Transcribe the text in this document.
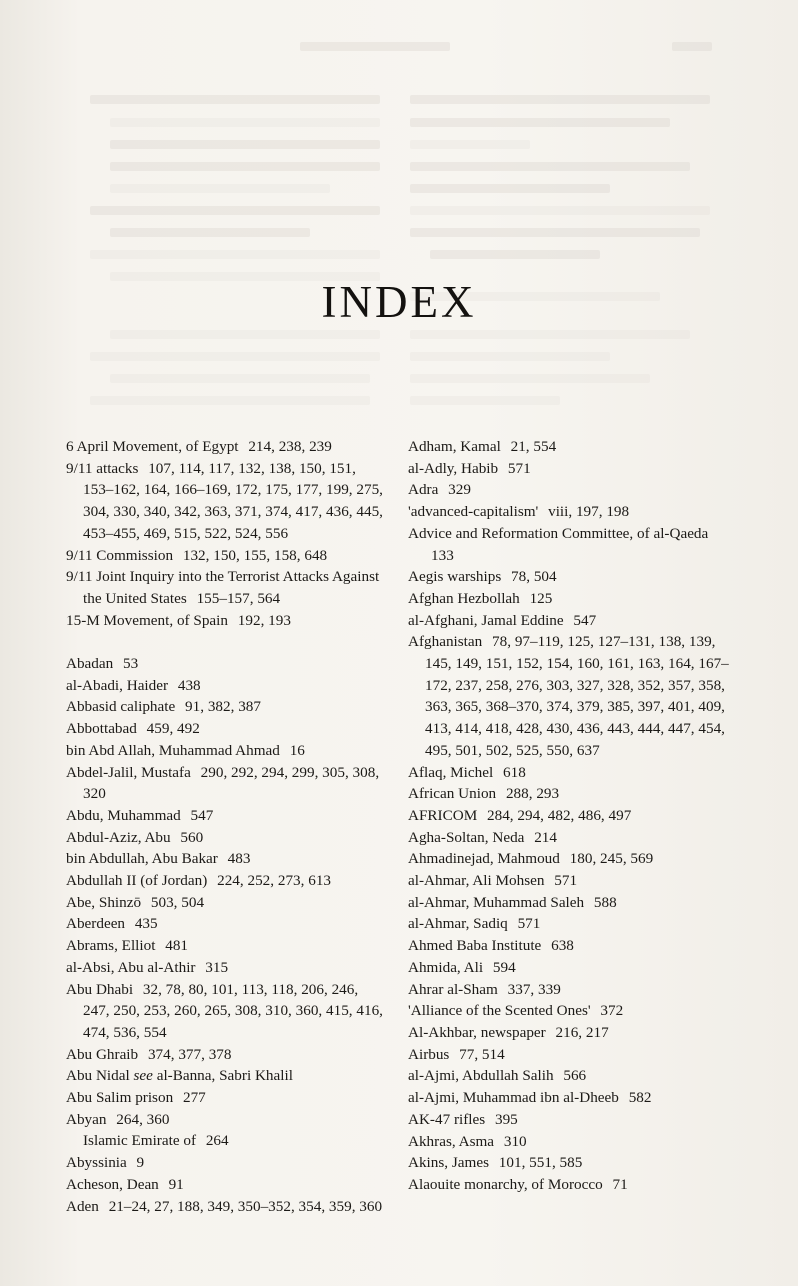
INDEX

6 April Movement, of Egypt 214, 238, 239

9/11 attacks 107, 114, 117, 132, 138, 150, 151, 153–162, 164, 166–169, 172, 175, 177, 199, 275, 304, 330, 340, 342, 363, 371, 374, 417, 436, 445, 453–455, 469, 515, 522, 524, 556

9/11 Commission 132, 150, 155, 158, 648

9/11 Joint Inquiry into the Terrorist Attacks Against the United States 155–157, 564

15-M Movement, of Spain 192, 193

Abadan 53

al-Abadi, Haider 438

Abbasid caliphate 91, 382, 387

Abbottabad 459, 492

bin Abd Allah, Muhammad Ahmad 16

Abdel-Jalil, Mustafa 290, 292, 294, 299, 305, 308, 320

Abdu, Muhammad 547

Abdul-Aziz, Abu 560

bin Abdullah, Abu Bakar 483

Abdullah II (of Jordan) 224, 252, 273, 613

Abe, Shinzō 503, 504

Aberdeen 435

Abrams, Elliot 481

al-Absi, Abu al-Athir 315

Abu Dhabi 32, 78, 80, 101, 113, 118, 206, 246, 247, 250, 253, 260, 265, 308, 310, 360, 415, 416, 474, 536, 554

Abu Ghraib 374, 377, 378

Abu Nidal see al-Banna, Sabri Khalil

Abu Salim prison 277

Abyan 264, 360

Islamic Emirate of 264

Abyssinia 9

Acheson, Dean 91

Aden 21–24, 27, 188, 349, 350–352, 354, 359, 360

Adham, Kamal 21, 554

al-Adly, Habib 571

Adra 329

'advanced-capitalism' viii, 197, 198

Advice and Reformation Committee, of al-Qaeda 133

Aegis warships 78, 504

Afghan Hezbollah 125

al-Afghani, Jamal Eddine 547

Afghanistan 78, 97–119, 125, 127–131, 138, 139, 145, 149, 151, 152, 154, 160, 161, 163, 164, 167–172, 237, 258, 276, 303, 327, 328, 352, 357, 358, 363, 365, 368–370, 374, 379, 385, 397, 401, 409, 413, 414, 418, 428, 430, 436, 443, 444, 447, 454, 495, 501, 502, 525, 550, 637

Aflaq, Michel 618

African Union 288, 293

AFRICOM 284, 294, 482, 486, 497

Agha-Soltan, Neda 214

Ahmadinejad, Mahmoud 180, 245, 569

al-Ahmar, Ali Mohsen 571

al-Ahmar, Muhammad Saleh 588

al-Ahmar, Sadiq 571

Ahmed Baba Institute 638

Ahmida, Ali 594

Ahrar al-Sham 337, 339

'Alliance of the Scented Ones' 372

Al-Akhbar, newspaper 216, 217

Airbus 77, 514

al-Ajmi, Abdullah Salih 566

al-Ajmi, Muhammad ibn al-Dheeb 582

AK-47 rifles 395

Akhras, Asma 310

Akins, James 101, 551, 585

Alaouite monarchy, of Morocco 71
